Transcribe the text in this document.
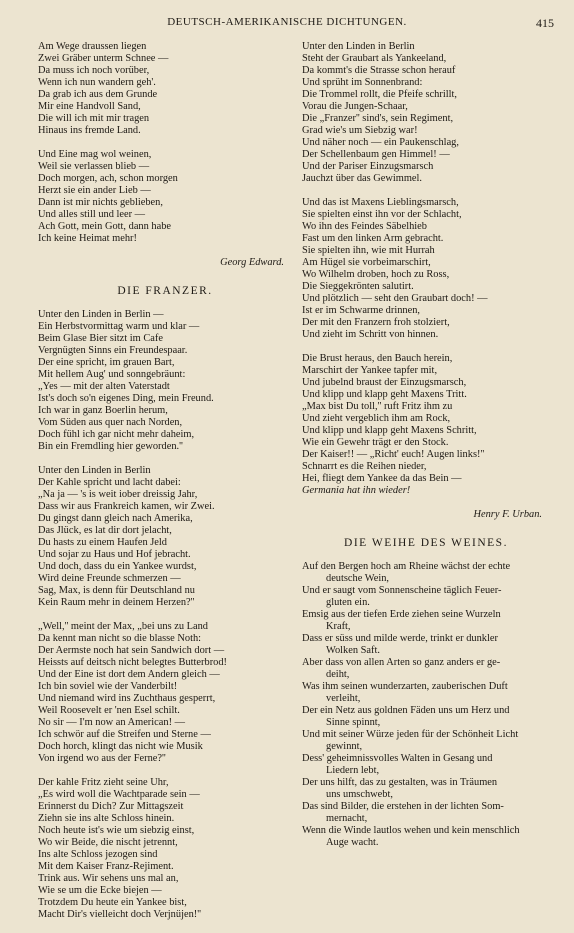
DEUTSCH-AMERIKANISCHE DICHTUNGEN.	415
Am Wege draussen liegen
Zwei Gräber unterm Schnee —
Da muss ich noch vorüber,
Wenn ich nun wandern geh'.
Da grab ich aus dem Grunde
Mir eine Handvoll Sand,
Die will ich mit mir tragen
Hinaus ins fremde Land.
Und Eine mag wol weinen,
Weil sie verlassen blieb —
Doch morgen, ach, schon morgen
Herzt sie ein ander Lieb —
Dann ist mir nichts geblieben,
Und alles still und leer —
Ach Gott, mein Gott, dann habe
Ich keine Heimat mehr!
Georg Edward.
DIE FRANZER.
Unter den Linden in Berlin —
Ein Herbstvormittag warm und klar —
Beim Glase Bier sitzt im Cafe
Vergnügten Sinns ein Freundespaar.
Der eine spricht, im grauen Bart,
Mit hellem Aug' und sonngebräunt:
„Yes — mit der alten Vaterstadt
Ist's doch so'n eigenes Ding, mein Freund.
Ich war in ganz Boerlin herum,
Vom Süden aus quer nach Norden,
Doch fühl ich gar nicht mehr daheim,
Bin ein Fremdling hier geworden.''
Unter den Linden in Berlin
Der Kahle spricht und lacht dabei:
„Na ja — 's is weit iober dreissig Jahr,
Dass wir aus Frankreich kamen, wir Zwei.
Du gingst dann gleich nach Amerika,
Das Jlück, es lat dir dort jelacht,
Du hasts zu einem Haufen Jeld
Und sojar zu Haus und Hof jebracht.
Und doch, dass du ein Yankee wurdst,
Wird deine Freunde schmerzen —
Sag, Max, is denn für Deutschland nu
Kein Raum mehr in deinem Herzen?''
„Well,'' meint der Max, „bei uns zu Land
Da kennt man nicht so die blasse Noth:
Der Aermste noch hat sein Sandwich dort —
Heissts auf deitsch nicht belegtes Butterbrod!
Und der Eine ist dort dem Andern gleich —
Ich bin soviel wie der Vanderbilt!
Und niemand wird ins Zuchthaus gesperrt,
Weil Roosevelt er 'nen Esel schilt.
No sir — I'm now an American! —
Ich schwör auf die Streifen und Sterne —
Doch horch, klingt das nicht wie Musik
Von irgend wo aus der Ferne?''
Der kahle Fritz zieht seine Uhr,
„Es wird woll die Wachtparade sein —
Erinnerst du Dich? Zur Mittagszeit
Ziehn sie ins alte Schloss hinein.
Noch heute ist's wie um siebzig einst,
Wo wir Beide, die nischt jetrennt,
Ins alte Schloss jezogen sind
Mit dem Kaiser Franz-Rejiment.
Trink aus. Wir sehens uns mal an,
Wie se um die Ecke biejen —
Trotzdem Du heute ein Yankee bist,
Macht Dir's vielleicht doch Verjnüjen!''
Unter den Linden in Berlin
Steht der Graubart als Yankeeland,
Da kommt's die Strasse schon herauf
Und sprüht im Sonnenbrand:
Die Trommel rollt, die Pfeife schrillt,
Vorau die Jungen-Schaar,
Die „Franzer'' sind's, sein Regiment,
Grad wie's um Siebzig war!
Und näher noch — ein Paukenschlag,
Der Schellenbaum gen Himmel! —
Und der Pariser Einzugsmarsch
Jauchzt über das Gewimmel.
Und das ist Maxens Lieblingsmarsch,
Sie spielten einst ihn vor der Schlacht,
Wo ihn des Feindes Säbelhieb
Fast um den linken Arm gebracht.
Sie spielten ihn, wie mit Hurrah
Am Hügel sie vorbeimarschirt,
Wo Wilhelm droben, hoch zu Ross,
Die Sieggekrönten salutirt.
Und plötzlich — seht den Graubart doch! —
Ist er im Schwarme drinnen,
Der mit den Franzern froh stolziert,
Und zieht im Schritt von hinnen.
Die Brust heraus, den Bauch herein,
Marschirt der Yankee tapfer mit,
Und jubelnd braust der Einzugsmarsch,
Und klipp und klapp geht Maxens Tritt.
„Max bist Du toll,'' ruft Fritz ihm zu
Und zieht vergeblich ihm am Rock,
Und klipp und klapp geht Maxens Schritt,
Wie ein Gewehr trägt er den Stock.
Der Kaiser!! — „Richt' euch! Augen links!''
Schnarrt es die Reihen nieder,
Hei, fliegt dem Yankee da das Bein —
Germania hat ihn wieder!
Henry F. Urban.
DIE WEIHE DES WEINES.
Auf den Bergen hoch am Rheine wächst der echte
deutsche Wein,
Und er saugt vom Sonnenscheine täglich Feuer-
gluten ein.
Emsig aus der tiefen Erde ziehen seine Wurzeln
Kraft,
Dass er süss und milde werde, trinkt er dunkler
Wolken Saft.
Aber dass von allen Arten so ganz anders er ge-
deiht,
Was ihm seinen wunderzarten, zauberischen Duft
verleiht,
Der ein Netz aus goldnen Fäden uns um Herz und
Sinne spinnt,
Und mit seiner Würze jeden für der Schönheit Licht
gewinnt,
Dess' geheimnissvolles Walten in Gesang und
Liedern lebt,
Der uns hilft, das zu gestalten, was in Träumen
uns umschwebt,
Das sind Bilder, die erstehen in der lichten Som-
mernacht,
Wenn die Winde lautlos wehen und kein menschlich
Auge wacht.
